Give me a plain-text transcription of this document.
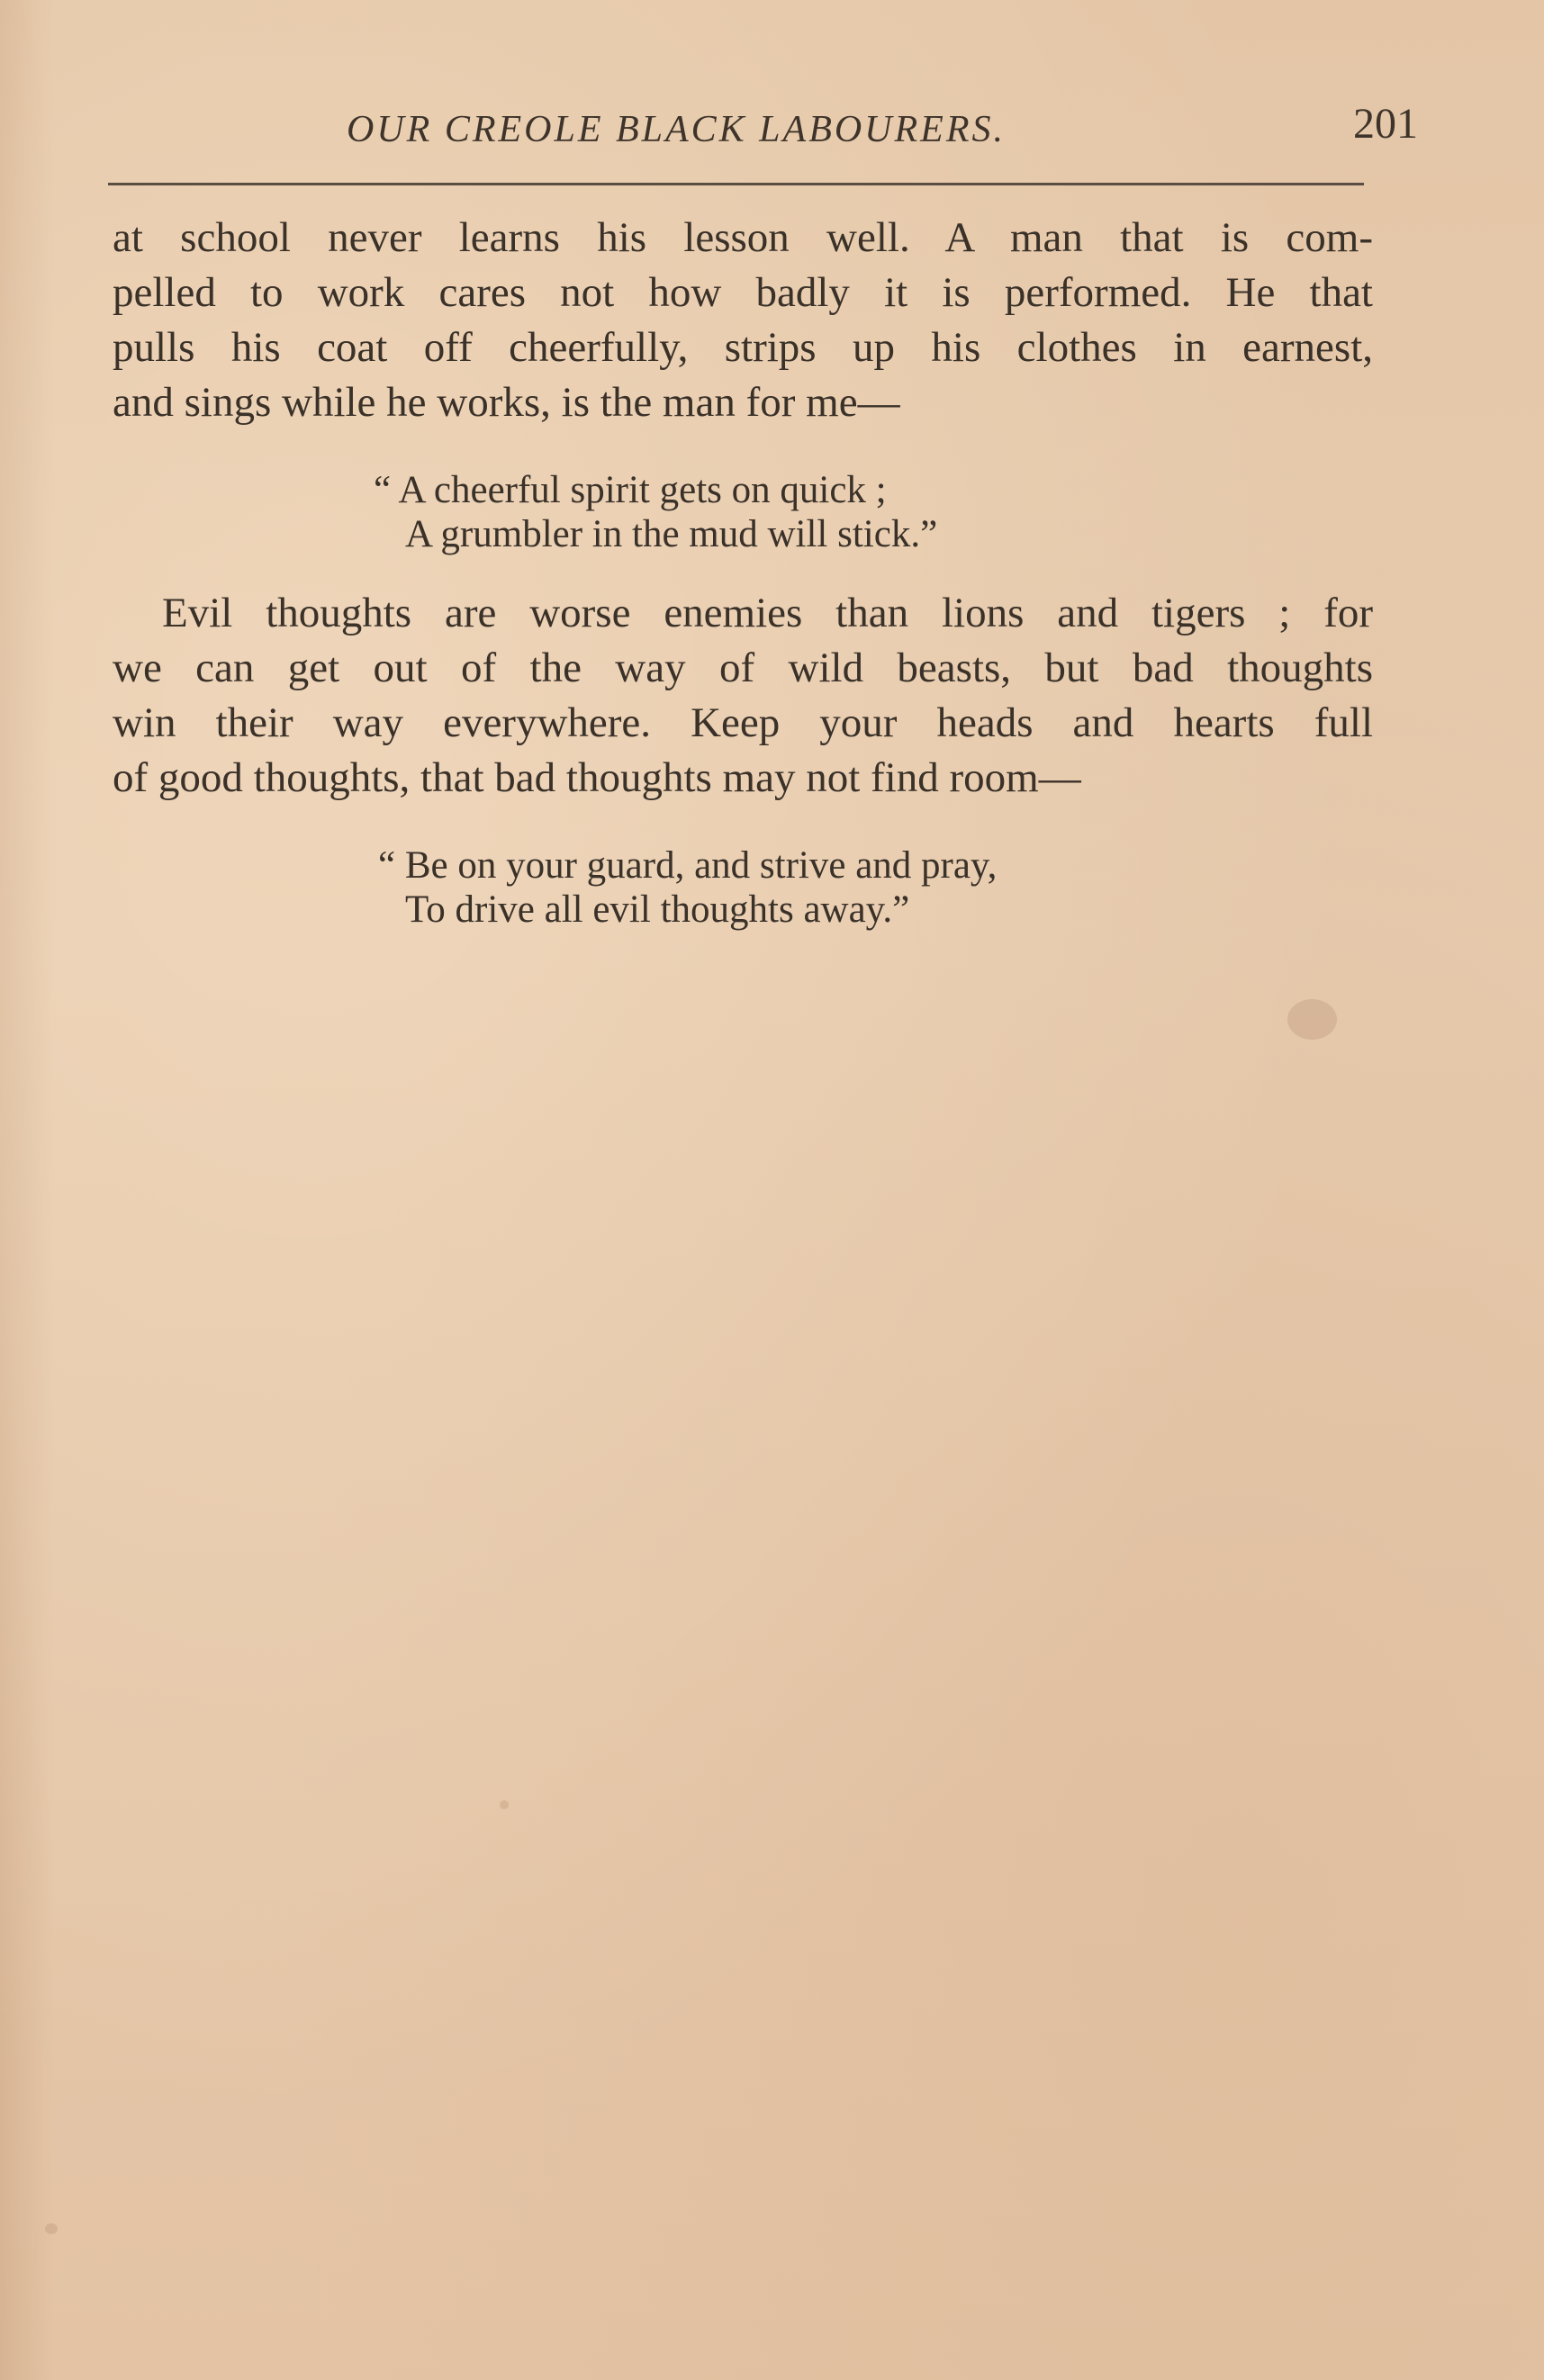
OUR CREOLE BLACK LABOURERS.	201
at school never learns his lesson well. A man that is com-
pelled to work cares not how badly it is performed. He that
pulls his coat off cheerfully, strips up his clothes in earnest,
and sings while he works, is the man for me—
“ A cheerful spirit gets on quick ;
A grumbler in the mud will stick.”
Evil thoughts are worse enemies than lions and tigers ; for
we can get out of the way of wild beasts, but bad thoughts
win their way everywhere. Keep your heads and hearts full
of good thoughts, that bad thoughts may not find room—
“ Be on your guard, and strive and pray,
To drive all evil thoughts away.”
